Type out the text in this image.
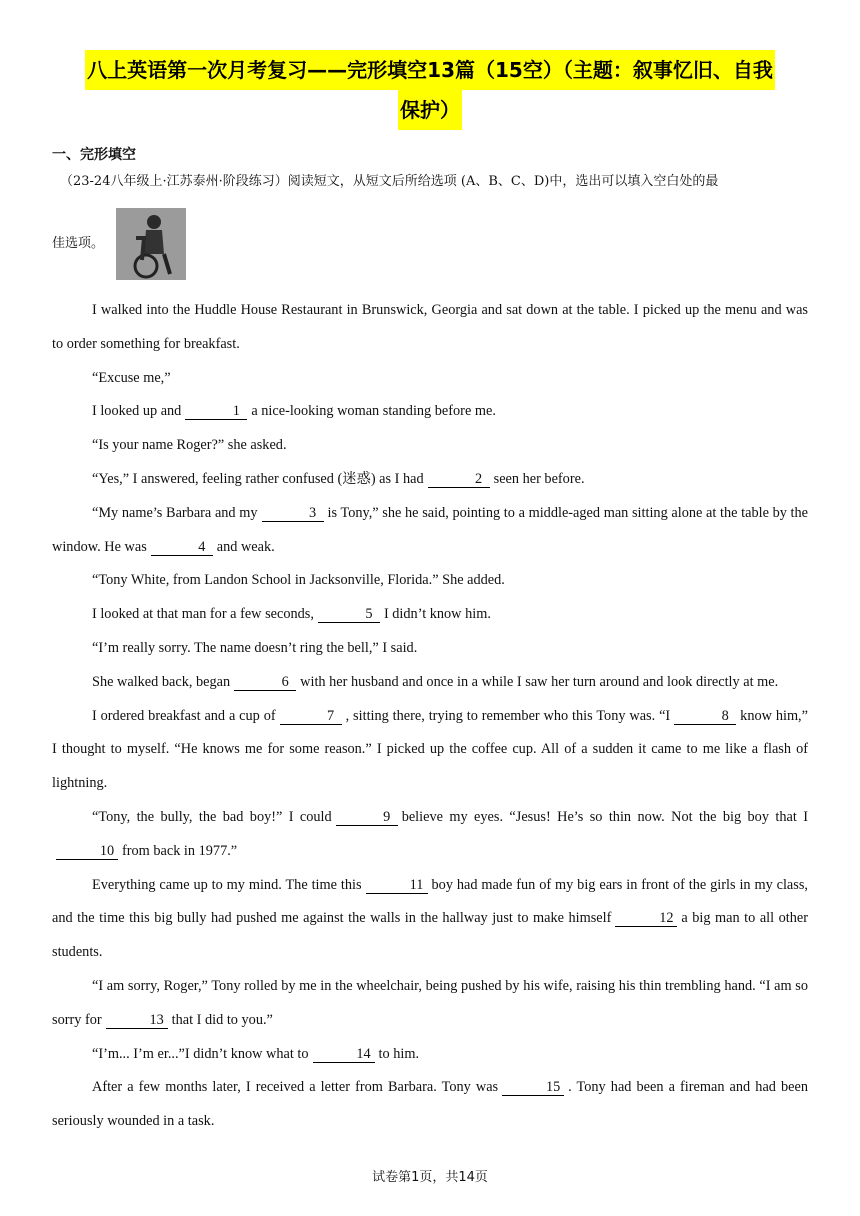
八上英语第一次月考复习——完形填空13篇（15空）（主题：叙事忆旧、自我
保护）
一、完形填空
（23-24八年级上·江苏泰州·阶段练习）阅读短文，从短文后所给选项 (A、B、C、D)中，选出可以填入空白处的最
佳选项。

I walked into the Huddle House Restaurant in Brunswick, Georgia and sat down at the table. I picked up the menu and was to order something for breakfast.

“Excuse me,”

I looked up and	1 a nice-looking woman standing before me.

“Is your name Roger?” she asked.

“Yes,” I answered, feeling rather confused (迷惑) as I had	2 seen her before.

“My name’s Barbara and my	3 is Tony,” she he said, pointing to a middle-aged man sitting alone at the table by the window. He was	4 and weak.

“Tony White, from Landon School in Jacksonville, Florida.” She added.

I looked at that man for a few seconds,	5 I didn’t know him.

“I’m really sorry. The name doesn’t ring the bell,” I said.

She walked back, began	6 with her husband and once in a while I saw her turn around and look directly at me.

I ordered breakfast and a cup of	7 , sitting there, trying to remember who this Tony was. “I	8 know him,” I thought to myself. “He knows me for some reason.” I picked up the coffee cup. All of a sudden it came to me like a flash of lightning.

“Tony, the bully, the bad boy!” I could	9 believe my eyes. “Jesus! He’s so thin now. Not the big boy that I10 from back in 1977.”

Everything came up to my mind. The time this	11 boy had made fun of my big ears in front of the girls in my class, and the time this big bully had pushed me against the walls in the hallway just to make himself	12 a big man to all other students.

“I am sorry, Roger,” Tony rolled by me in the wheelchair, being pushed by his wife, raising his thin trembling hand. “I am so sorry for	13 that I did to you.”

“I’m... I’m er...”I didn’t know what to	14 to him.

After a few months later, I received a letter from Barbara. Tony was	15 . Tony had been a fireman and had been seriously wounded in a task.

试卷第1页，共14页
